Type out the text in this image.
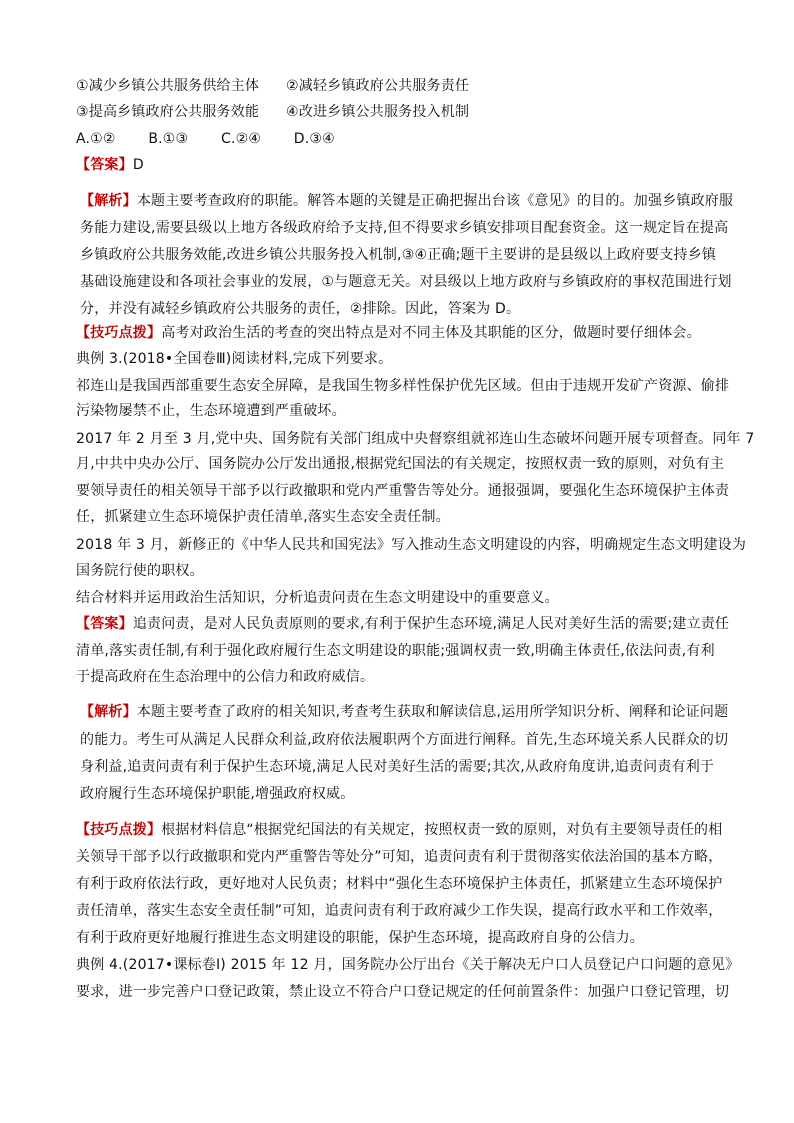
①减少乡镇公共服务供给主体 ②减轻乡镇政府公共服务责任
③提高乡镇政府公共服务效能 ④改进乡镇公共服务投入机制
A.①② B.①③ C.②④ D.③④
【答案】D
【解析】本题主要考查政府的职能。解答本题的关键是正确把握出台该《意见》的目的。加强乡镇政府服
务能力建设,需要县级以上地方各级政府给予支持,但不得要求乡镇安排项目配套资金。这一规定旨在提高
乡镇政府公共服务效能,改进乡镇公共服务投入机制,③④正确;题干主要讲的是县级以上政府要支持乡镇
基础设施建设和各项社会事业的发展，①与题意无关。对县级以上地方政府与乡镇政府的事权范围进行划
分，并没有减轻乡镇政府公共服务的责任，②排除。因此，答案为 D。
【技巧点拨】高考对政治生活的考查的突出特点是对不同主体及其职能的区分，做题时要仔细体会。
典例 3.(2018•全国卷Ⅲ)阅读材料,完成下列要求。
祁连山是我国西部重要生态安全屏障，是我国生物多样性保护优先区域。但由于违规开发矿产资源、偷排
污染物屡禁不止，生态环境遭到严重破坏。
2017 年 2 月至 3 月,党中央、国务院有关部门组成中央督察组就祁连山生态破坏问题开展专项督查。同年 7
月,中共中央办公厅、国务院办公厅发出通报,根据党纪国法的有关规定，按照权责一致的原则，对负有主
要领导责任的相关领导干部予以行政撤职和党内严重警告等处分。通报强调，要强化生态环境保护主体责
任，抓紧建立生态环境保护责任清单,落实生态安全责任制。
2018 年 3 月，新修正的《中华人民共和国宪法》写入推动生态文明建设的内容，明确规定生态文明建设为
国务院行使的职权。
结合材料并运用政治生活知识，分析追责问责在生态文明建设中的重要意义。
【答案】追责问责，是对人民负责原则的要求,有利于保护生态环境,满足人民对美好生活的需要;建立责任
清单,落实责任制,有利于强化政府履行生态文明建设的职能;强调权责一致,明确主体责任,依法问责,有利
于提高政府在生态治理中的公信力和政府威信。
【解析】本题主要考查了政府的相关知识,考查考生获取和解读信息,运用所学知识分析、阐释和论证问题
的能力。考生可从满足人民群众利益,政府依法履职两个方面进行阐释。首先,生态环境关系人民群众的切
身利益,追责问责有利于保护生态环境,满足人民对美好生活的需要;其次,从政府角度讲,追责问责有利于
政府履行生态环境保护职能,增强政府权威。
【技巧点拨】根据材料信息“根据党纪国法的有关规定，按照权责一致的原则，对负有主要领导责任的相
关领导干部予以行政撤职和党内严重警告等处分”可知，追责问责有利于贯彻落实依法治国的基本方略，
有利于政府依法行政，更好地对人民负责；材料中“强化生态环境保护主体责任，抓紧建立生态环境保护
责任清单，落实生态安全责任制”可知，追责问责有利于政府减少工作失误，提高行政水平和工作效率，
有利于政府更好地履行推进生态文明建设的职能，保护生态环境，提高政府自身的公信力。
典例 4.(2017•课标卷Ⅰ) 2015 年 12 月，国务院办公厅出台《关于解决无户口人员登记户口问题的意见》
要求，进一步完善户口登记政策，禁止设立不符合户口登记规定的任何前置条件：加强户口登记管理，切
